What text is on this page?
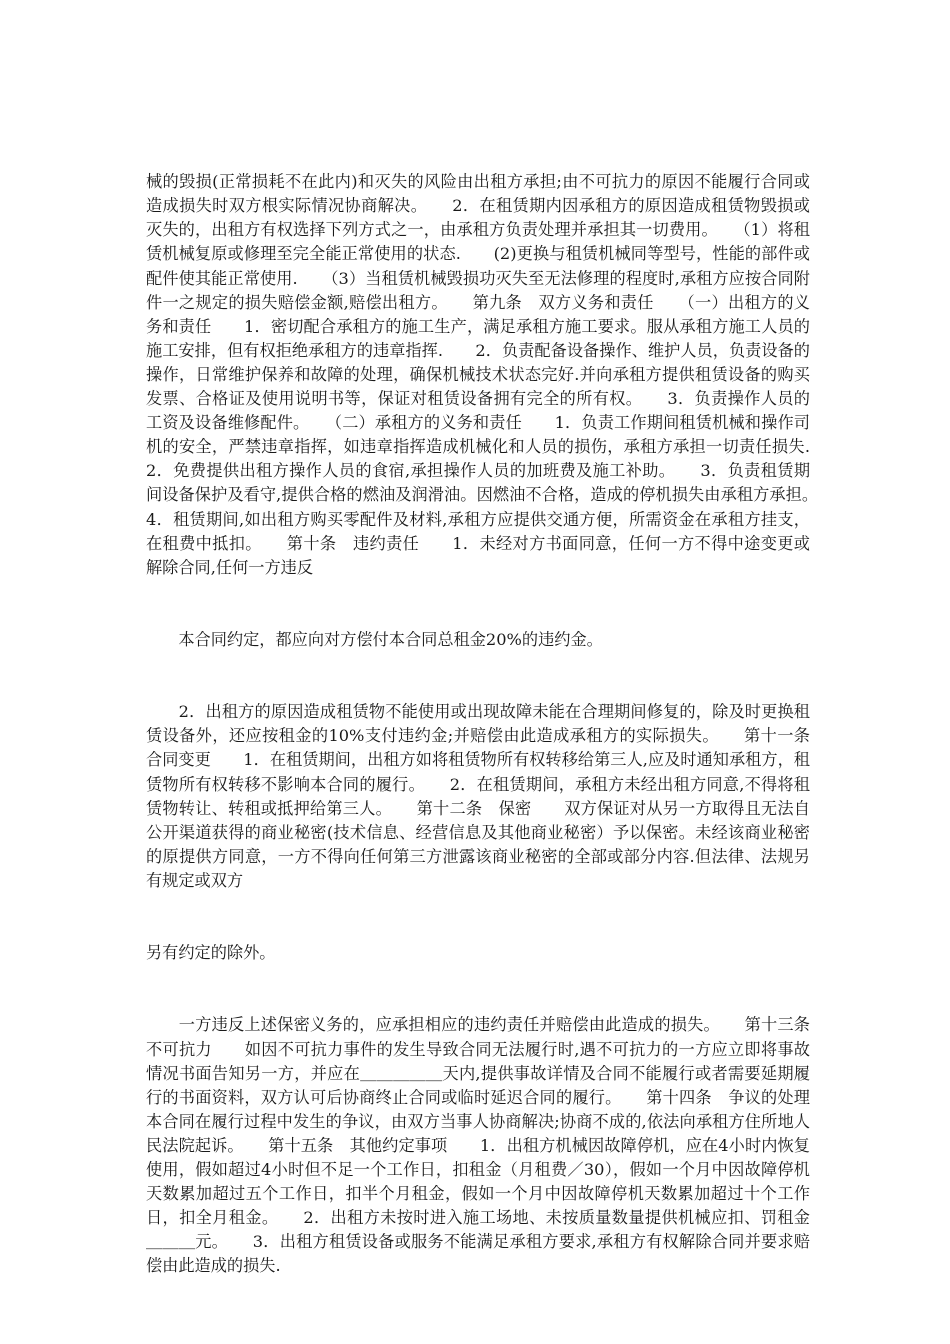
械的毁损(正常损耗不在此内)和灭失的风险由出租方承担;由不可抗力的原因不能履行合同或造成损失时双方根实际情况协商解决。　　2．在租赁期内因承租方的原因造成租赁物毁损或灭失的，出租方有权选择下列方式之一，由承租方负责处理并承担其一切费用。　　（1）将租赁机械复原或修理至完全能正常使用的状态.　　(2)更换与租赁机械同等型号，性能的部件或配件使其能正常使用.　　（3）当租赁机械毁损功灭失至无法修理的程度时,承租方应按合同附件一之规定的损失赔偿金额,赔偿出租方。　　第九条　双方义务和责任　　（一）出租方的义务和责任　　1．密切配合承租方的施工生产，满足承租方施工要求。服从承租方施工人员的施工安排，但有权拒绝承租方的违章指挥.　　2．负责配备设备操作、维护人员，负责设备的操作，日常维护保养和故障的处理，确保机械技术状态完好.并向承租方提供租赁设备的购买发票、合格证及使用说明书等，保证对租赁设备拥有完全的所有权。　　3．负责操作人员的工资及设备维修配件。　　（二）承租方的义务和责任　　1．负责工作期间租赁机械和操作司机的安全，严禁违章指挥，如违章指挥造成机械化和人员的损伤，承租方承担一切责任损失.　　2．免费提供出租方操作人员的食宿,承担操作人员的加班费及施工补助。　　3．负责租赁期间设备保护及看守,提供合格的燃油及润滑油。因燃油不合格，造成的停机损失由承租方承担。　　4．租赁期间,如出租方购买零配件及材料,承租方应提供交通方便，所需资金在承租方挂支，在租费中抵扣。　　第十条　违约责任　　1．未经对方书面同意，任何一方不得中途变更或解除合同,任何一方违反

　　本合同约定，都应向对方偿付本合同总租金20%的违约金。

　　2．出租方的原因造成租赁物不能使用或出现故障未能在合理期间修复的，除及时更换租赁设备外，还应按租金的10%支付违约金;并赔偿由此造成承租方的实际损失。　　第十一条　合同变更　　1．在租赁期间，出租方如将租赁物所有权转移给第三人,应及时通知承租方，租赁物所有权转移不影响本合同的履行。　　2．在租赁期间，承租方未经出租方同意,不得将租赁物转让、转租或抵押给第三人。　　第十二条　保密　　双方保证对从另一方取得且无法自公开渠道获得的商业秘密(技术信息、经营信息及其他商业秘密）予以保密。未经该商业秘密的原提供方同意，一方不得向任何第三方泄露该商业秘密的全部或部分内容.但法律、法规另有规定或双方

另有约定的除外。

　　一方违反上述保密义务的，应承担相应的违约责任并赔偿由此造成的损失。　　第十三条　不可抗力　　如因不可抗力事件的发生导致合同无法履行时,遇不可抗力的一方应立即将事故情况书面告知另一方，并应在＿＿＿＿＿天内,提供事故详情及合同不能履行或者需要延期履行的书面资料，双方认可后协商终止合同或临时延迟合同的履行。　　第十四条　争议的处理　　本合同在履行过程中发生的争议，由双方当事人协商解决;协商不成的,依法向承租方住所地人民法院起诉。　　第十五条　其他约定事项　　1．出租方机械因故障停机，应在4小时内恢复使用，假如超过4小时但不足一个工作日，扣租金（月租费／30），假如一个月中因故障停机天数累加超过五个工作日，扣半个月租金，假如一个月中因故障停机天数累加超过十个工作日，扣全月租金。　　2．出租方未按时进入施工场地、未按质量数量提供机械应扣、罚租金＿＿＿元。　　3．出租方租赁设备或服务不能满足承租方要求,承租方有权解除合同并要求赔偿由此造成的损失.
